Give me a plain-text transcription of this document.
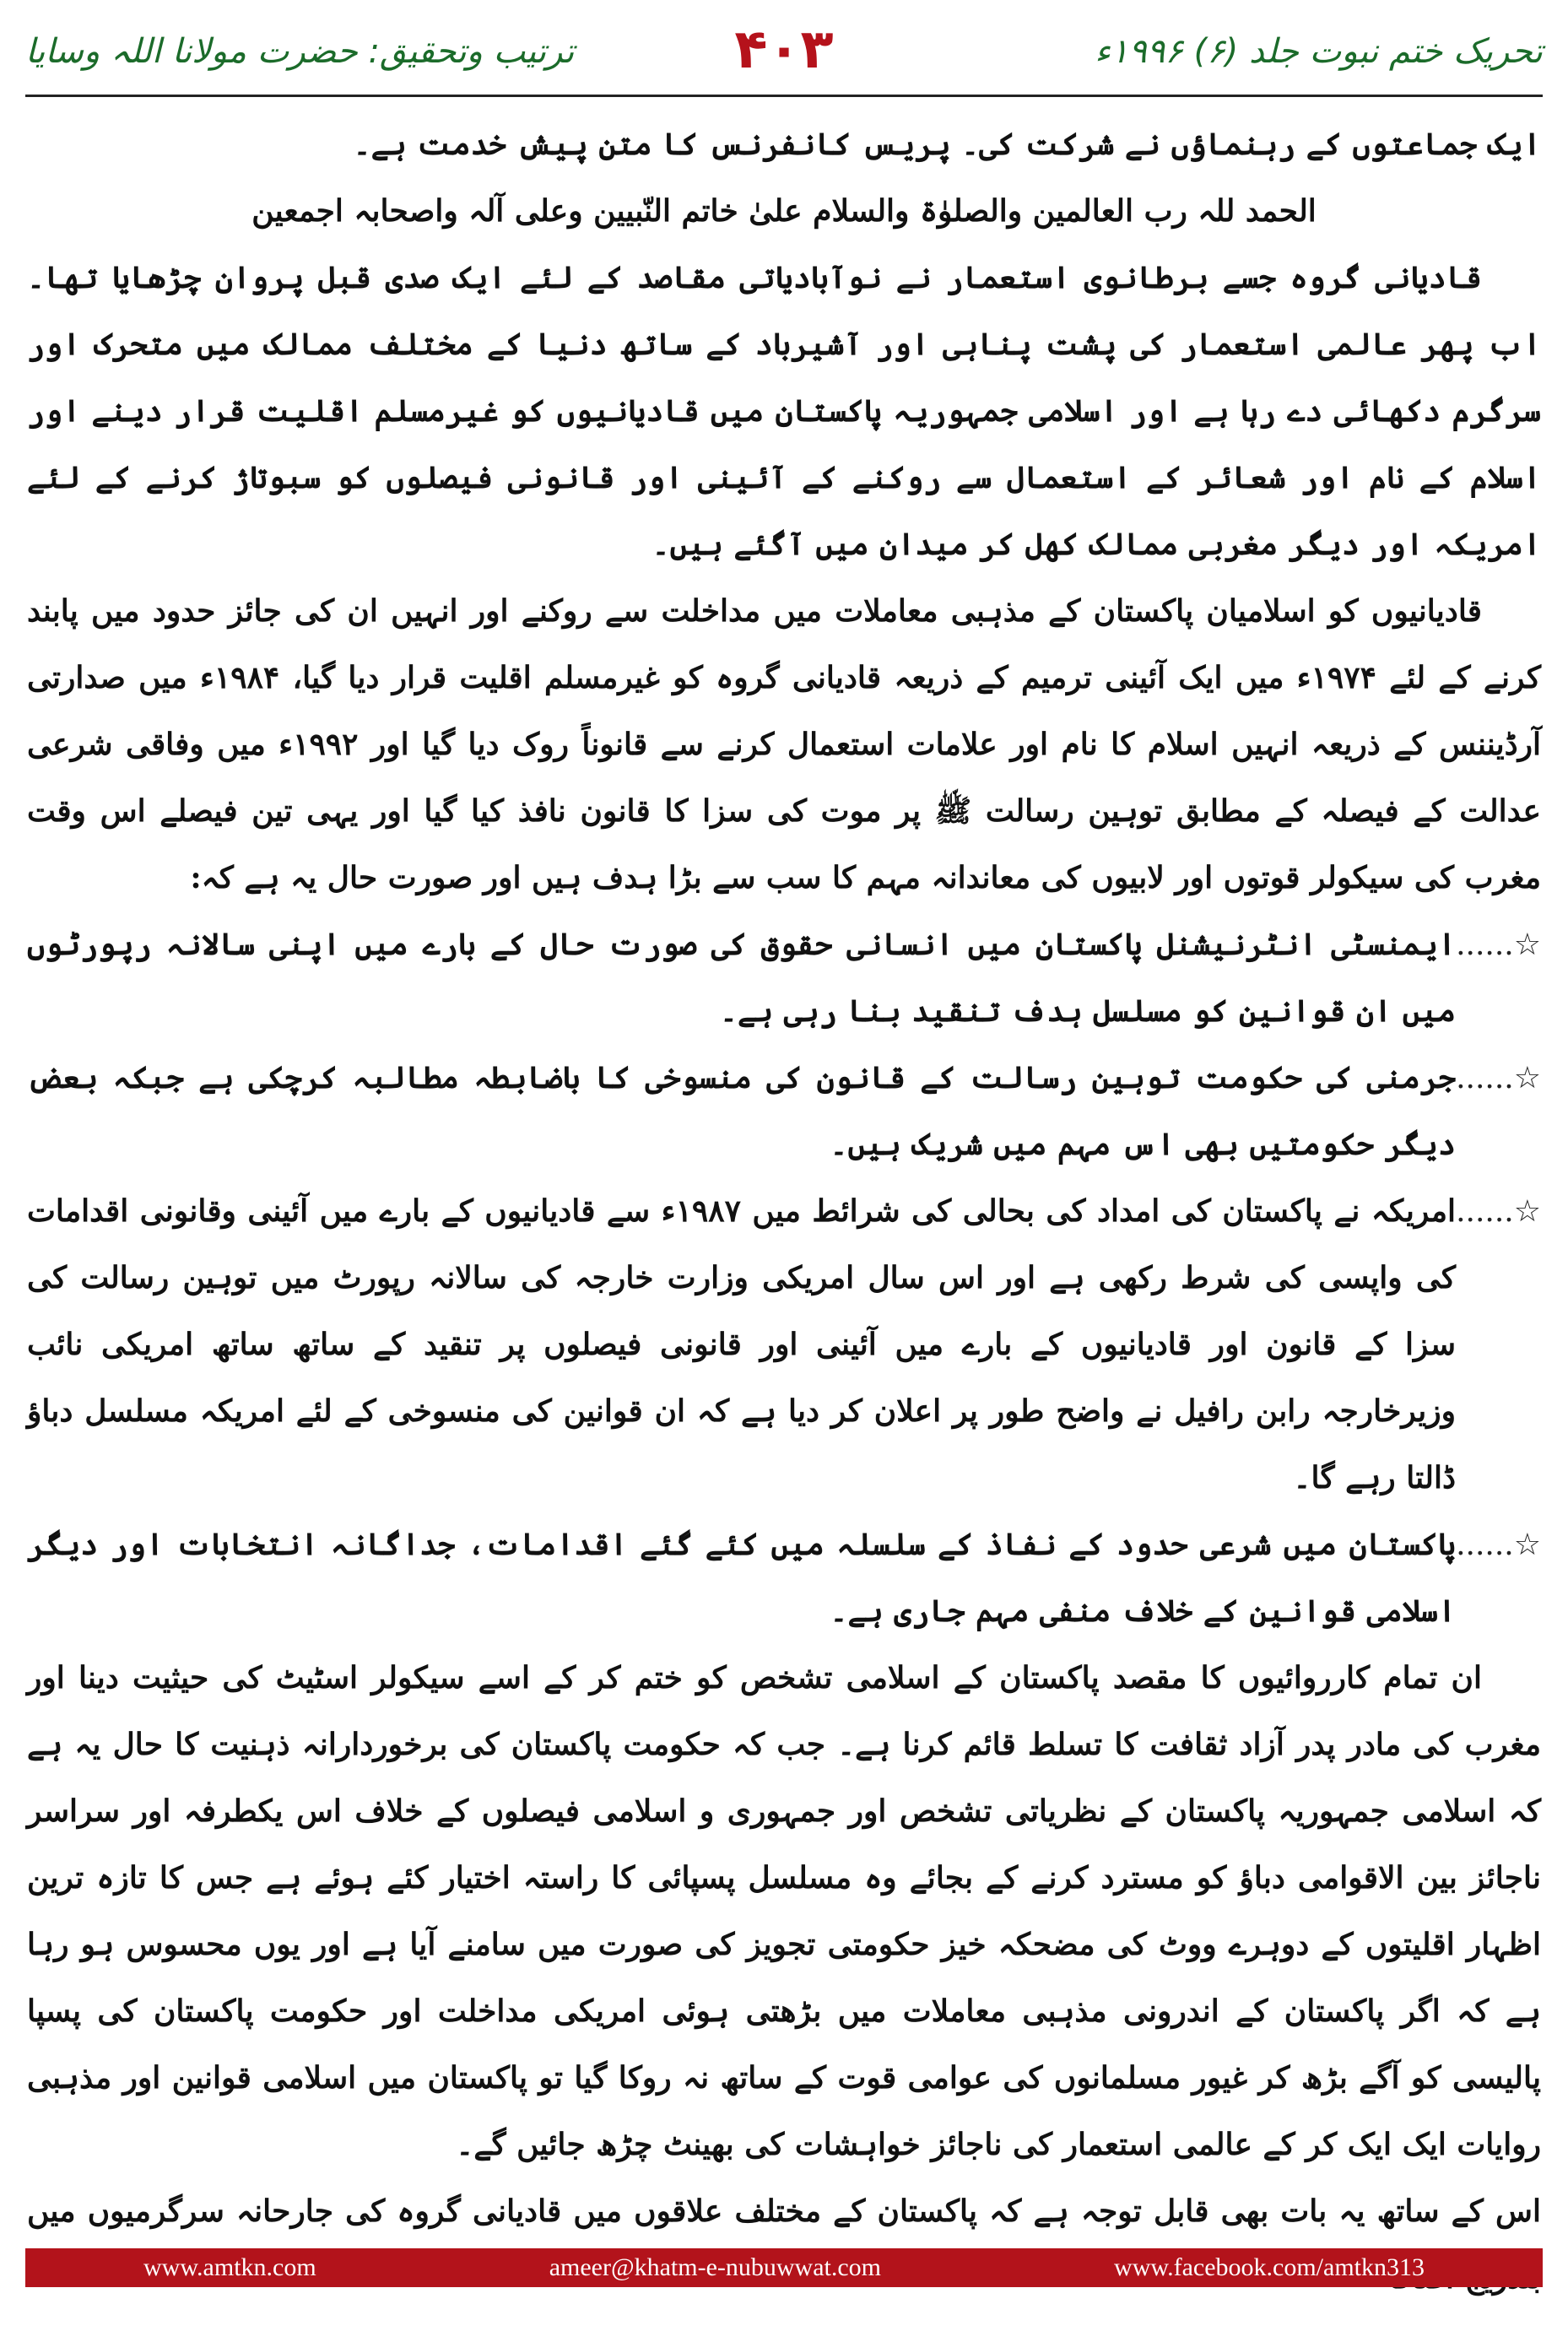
تحریک ختم نبوت جلد (۶) ۱۹۹۶ء
۴۰۳
ترتیب وتحقیق: حضرت مولانا اللہ وسایا

ایک جماعتوں کے رہنماؤں نے شرکت کی۔ پریس کانفرنس کا متن پیش خدمت ہے۔

الحمد للہ رب العالمین والصلوٰۃ والسلام علیٰ خاتم النّبیین وعلی آلہ واصحابہ اجمعین

قادیانی گروہ جسے برطانوی استعمار نے نوآبادیاتی مقاصد کے لئے ایک صدی قبل پروان چڑھایا تھا۔ اب پھر عالمی استعمار کی پشت پناہی اور آشیرباد کے ساتھ دنیا کے مختلف ممالک میں متحرک اور سرگرم دکھائی دے رہا ہے اور اسلامی جمہوریہ پاکستان میں قادیانیوں کو غیرمسلم اقلیت قرار دینے اور اسلام کے نام اور شعائر کے استعمال سے روکنے کے آئینی اور قانونی فیصلوں کو سبوتاژ کرنے کے لئے امریکہ اور دیگر مغربی ممالک کھل کر میدان میں آگئے ہیں۔

قادیانیوں کو اسلامیان پاکستان کے مذہبی معاملات میں مداخلت سے روکنے اور انہیں ان کی جائز حدود میں پابند کرنے کے لئے ۱۹۷۴ء میں ایک آئینی ترمیم کے ذریعہ قادیانی گروہ کو غیرمسلم اقلیت قرار دیا گیا، ۱۹۸۴ء میں صدارتی آرڈیننس کے ذریعہ انہیں اسلام کا نام اور علامات استعمال کرنے سے قانوناً روک دیا گیا اور ۱۹۹۲ء میں وفاقی شرعی عدالت کے فیصلہ کے مطابق توہین رسالت ﷺ پر موت کی سزا کا قانون نافذ کیا گیا اور یہی تین فیصلے اس وقت مغرب کی سیکولر قوتوں اور لابیوں کی معاندانہ مہم کا سب سے بڑا ہدف ہیں اور صورت حال یہ ہے کہ:

☆......
ایمنسٹی انٹرنیشنل پاکستان میں انسانی حقوق کی صورت حال کے بارے میں اپنی سالانہ رپورٹوں میں ان قوانین کو مسلسل ہدف تنقید بنا رہی ہے۔
☆......
جرمنی کی حکومت توہین رسالت کے قانون کی منسوخی کا باضابطہ مطالبہ کرچکی ہے جبکہ بعض دیگر حکومتیں بھی اس مہم میں شریک ہیں۔
☆......
امریکہ نے پاکستان کی امداد کی بحالی کی شرائط میں ۱۹۸۷ء سے قادیانیوں کے بارے میں آئینی وقانونی اقدامات کی واپسی کی شرط رکھی ہے اور اس سال امریکی وزارت خارجہ کی سالانہ رپورٹ میں توہین رسالت کی سزا کے قانون اور قادیانیوں کے بارے میں آئینی اور قانونی فیصلوں پر تنقید کے ساتھ ساتھ امریکی نائب وزیرخارجہ رابن رافیل نے واضح طور پر اعلان کر دیا ہے کہ ان قوانین کی منسوخی کے لئے امریکہ مسلسل دباؤ ڈالتا رہے گا۔
☆......
پاکستان میں شرعی حدود کے نفاذ کے سلسلہ میں کئے گئے اقدامات، جداگانہ انتخابات اور دیگر اسلامی قوانین کے خلاف منفی مہم جاری ہے۔

ان تمام کارروائیوں کا مقصد پاکستان کے اسلامی تشخص کو ختم کر کے اسے سیکولر اسٹیٹ کی حیثیت دینا اور مغرب کی مادر پدر آزاد ثقافت کا تسلط قائم کرنا ہے۔ جب کہ حکومت پاکستان کی برخوردارانہ ذہنیت کا حال یہ ہے کہ اسلامی جمہوریہ پاکستان کے نظریاتی تشخص اور جمہوری و اسلامی فیصلوں کے خلاف اس یکطرفہ اور سراسر ناجائز بین الاقوامی دباؤ کو مسترد کرنے کے بجائے وہ مسلسل پسپائی کا راستہ اختیار کئے ہوئے ہے جس کا تازہ ترین اظہار اقلیتوں کے دوہرے ووٹ کی مضحکہ خیز حکومتی تجویز کی صورت میں سامنے آیا ہے اور یوں محسوس ہو رہا ہے کہ اگر پاکستان کے اندرونی مذہبی معاملات میں بڑھتی ہوئی امریکی مداخلت اور حکومت پاکستان کی پسپا پالیسی کو آگے بڑھ کر غیور مسلمانوں کی عوامی قوت کے ساتھ نہ روکا گیا تو پاکستان میں اسلامی قوانین اور مذہبی روایات ایک ایک کر کے عالمی استعمار کی ناجائز خواہشات کی بھینٹ چڑھ جائیں گے۔

اس کے ساتھ یہ بات بھی قابل توجہ ہے کہ پاکستان کے مختلف علاقوں میں قادیانی گروہ کی جارحانہ سرگرمیوں میں

www.amtkn.com	ameer@khatm-e-nubuwwat.com	www.facebook.com/amtkn313
